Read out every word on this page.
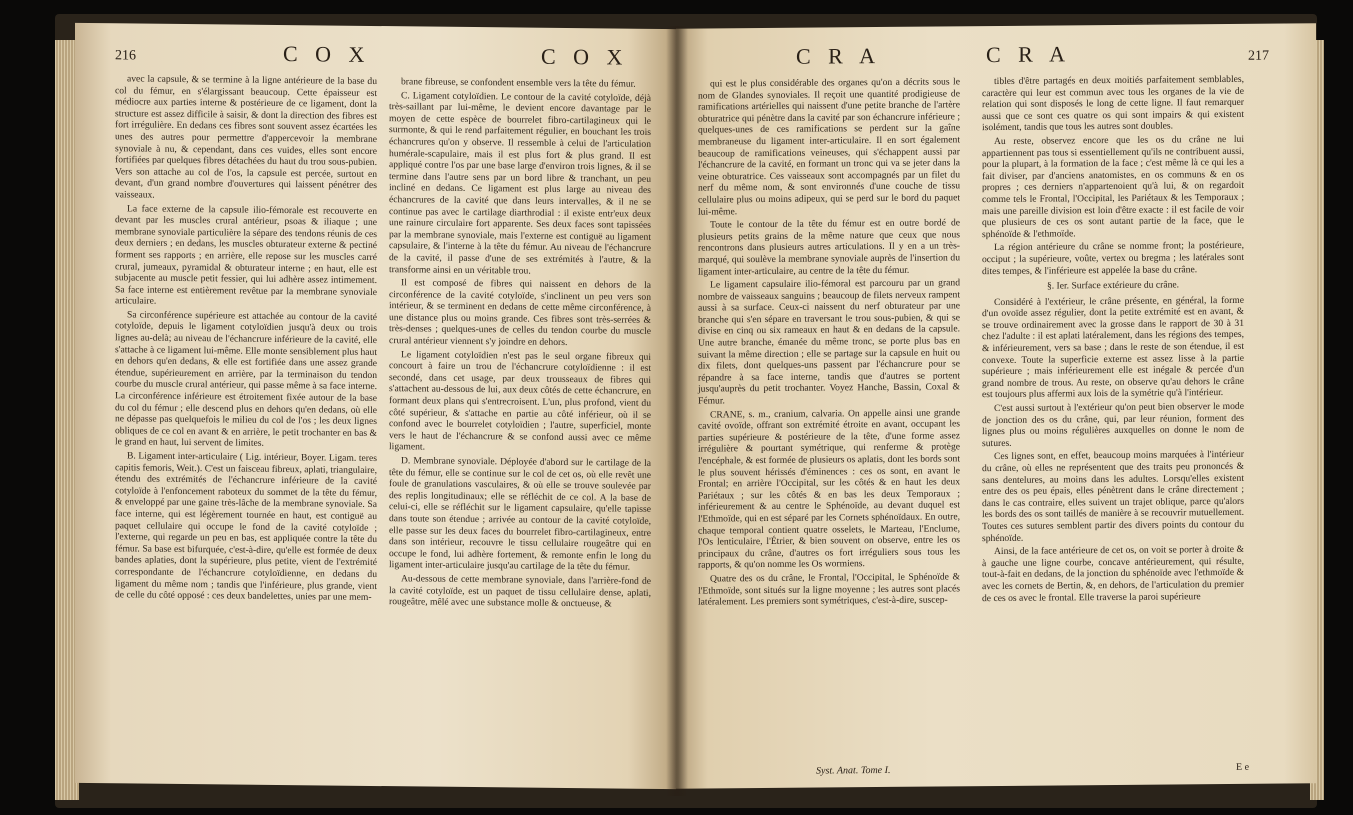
216	C O X	C O X

avec la capsule, & se termine à la ligne antérieure de la base du col du fémur, en s'élargissant beaucoup. Cette épaisseur est médiocre aux parties interne & postérieure de ce ligament, dont la structure est assez difficile à saisir, & dont la direction des fibres est fort irrégulière. En dedans ces fibres sont souvent assez écartées les unes des autres pour permettre d'appercevoir la membrane synoviale à nu, & cependant, dans ces vuides, elles sont encore fortifiées par quelques fibres détachées du haut du trou sous-pubien. Vers son attache au col de l'os, la capsule est percée, surtout en devant, d'un grand nombre d'ouvertures qui laissent pénétrer des vaisseaux.

La face externe de la capsule ilio-fémorale est recouverte en devant par les muscles crural antérieur, psoas & iliaque ; une membrane synoviale particulière la sépare des tendons réunis de ces deux derniers ; en dedans, les muscles obturateur externe & pectiné forment ses rapports ; en arrière, elle repose sur les muscles carré crural, jumeaux, pyramidal & obturateur interne ; en haut, elle est subjacente au muscle petit fessier, qui lui adhère assez intimement. Sa face interne est entièrement revêtue par la membrane synoviale articulaire.

Sa circonférence supérieure est attachée au contour de la cavité cotyloïde, depuis le ligament cotyloïdien jusqu'à deux ou trois lignes au-delà; au niveau de l'échancrure inférieure de la cavité, elle s'attache à ce ligament lui-même. Elle monte sensiblement plus haut en dehors qu'en dedans, & elle est fortifiée dans une assez grande étendue, supérieurement en arrière, par la terminaison du tendon courbe du muscle crural antérieur, qui passe même à sa face interne. La circonférence inférieure est étroitement fixée autour de la base du col du fémur ; elle descend plus en dehors qu'en dedans, où elle ne dépasse pas quelquefois le milieu du col de l'os ; les deux lignes obliques de ce col en avant & en arrière, le petit trochanter en bas & le grand en haut, lui servent de limites.

B. Ligament inter-articulaire ( Lig. intérieur, Boyer. Ligam. teres capitis femoris, Weit.). C'est un faisceau fibreux, aplati, triangulaire, étendu des extrémités de l'échancrure inférieure de la cavité cotyloïde à l'enfoncement raboteux du sommet de la tête du fémur, & enveloppé par une gaine très-lâche de la membrane synoviale. Sa face interne, qui est légèrement tournée en haut, est contiguë au paquet cellulaire qui occupe le fond de la cavité cotyloïde ; l'externe, qui regarde un peu en bas, est appliquée contre la tête du fémur. Sa base est bifurquée, c'est-à-dire, qu'elle est formée de deux bandes aplaties, dont la supérieure, plus petite, vient de l'extrémité correspondante de l'échancrure cotyloïdienne, en dedans du ligament du même nom ; tandis que l'inférieure, plus grande, vient de celle du côté opposé : ces deux bandelettes, unies par une mem-

brane fibreuse, se confondent ensemble vers la tête du fémur.

C. Ligament cotyloïdien. Le contour de la cavité cotyloïde, déjà très-saillant par lui-même, le devient encore davantage par le moyen de cette espèce de bourrelet fibro-cartilagineux qui le surmonte, & qui le rend parfaitement régulier, en bouchant les trois échancrures qu'on y observe. Il ressemble à celui de l'articulation humérale-scapulaire, mais il est plus fort & plus grand. Il est appliqué contre l'os par une base large d'environ trois lignes, & il se termine dans l'autre sens par un bord libre & tranchant, un peu incliné en dedans. Ce ligament est plus large au niveau des échancrures de la cavité que dans leurs intervalles, & il ne se continue pas avec le cartilage diarthrodial : il existe entr'eux deux une rainure circulaire fort apparente. Ses deux faces sont tapissées par la membrane synoviale, mais l'externe est contiguë au ligament capsulaire, & l'interne à la tête du fémur. Au niveau de l'échancrure de la cavité, il passe d'une de ses extrémités à l'autre, & la transforme ainsi en un véritable trou.

Il est composé de fibres qui naissent en dehors de la circonférence de la cavité cotyloïde, s'inclinent un peu vers son intérieur, & se terminent en dedans de cette même circonférence, à une distance plus ou moins grande. Ces fibres sont très-serrées & très-denses ; quelques-unes de celles du tendon courbe du muscle crural antérieur viennent s'y joindre en dehors.

Le ligament cotyloïdien n'est pas le seul organe fibreux qui concourt à faire un trou de l'échancrure cotyloïdienne : il est secondé, dans cet usage, par deux trousseaux de fibres qui s'attachent au-dessous de lui, aux deux côtés de cette échancrure, en formant deux plans qui s'entrecroisent. L'un, plus profond, vient du côté supérieur, & s'attache en partie au côté inférieur, où il se confond avec le bourrelet cotyloïdien ; l'autre, superficiel, monte vers le haut de l'échancrure & se confond aussi avec ce même ligament.

D. Membrane synoviale. Déployée d'abord sur le cartilage de la tête du fémur, elle se continue sur le col de cet os, où elle revêt une foule de granulations vasculaires, & où elle se trouve soulevée par des replis longitudinaux; elle se réfléchit de ce col. A la base de celui-ci, elle se réfléchit sur le ligament capsulaire, qu'elle tapisse dans toute son étendue ; arrivée au contour de la cavité cotyloïde, elle passe sur les deux faces du bourrelet fibro-cartilagineux, entre dans son intérieur, recouvre le tissu cellulaire rougeâtre qui en occupe le fond, lui adhère fortement, & remonte enfin le long du ligament inter-articulaire jusqu'au cartilage de la tête du fémur.

Au-dessous de cette membrane synoviale, dans l'arrière-fond de la cavité cotyloïde, est un paquet de tissu cellulaire dense, aplati, rougeâtre, mêlé avec une substance molle & onctueuse, &

C R A	C R A	217

qui est le plus considérable des organes qu'on a décrits sous le nom de Glandes synoviales. Il reçoit une quantité prodigieuse de ramifications artérielles qui naissent d'une petite branche de l'artère obturatrice qui pénètre dans la cavité par son échancrure inférieure ; quelques-unes de ces ramifications se perdent sur la gaîne membraneuse du ligament inter-articulaire. Il en sort également beaucoup de ramifications veineuses, qui s'échappent aussi par l'échancrure de la cavité, en formant un tronc qui va se jeter dans la veine obturatrice. Ces vaisseaux sont accompagnés par un filet du nerf du même nom, & sont environnés d'une couche de tissu cellulaire plus ou moins adipeux, qui se perd sur le bord du paquet lui-même.

Toute le contour de la tête du fémur est en outre bordé de plusieurs petits grains de la même nature que ceux que nous rencontrons dans plusieurs autres articulations. Il y en a un très-marqué, qui soulève la membrane synoviale auprès de l'insertion du ligament inter-articulaire, au centre de la tête du fémur.

Le ligament capsulaire ilio-fémoral est parcouru par un grand nombre de vaisseaux sanguins ; beaucoup de filets nerveux rampent aussi à sa surface. Ceux-ci naissent du nerf obturateur par une branche qui s'en sépare en traversant le trou sous-pubien, & qui se divise en cinq ou six rameaux en haut & en dedans de la capsule. Une autre branche, émanée du même tronc, se porte plus bas en suivant la même direction ; elle se partage sur la capsule en huit ou dix filets, dont quelques-uns passent par l'échancrure pour se répandre à sa face interne, tandis que d'autres se portent jusqu'auprès du petit trochanter. Voyez Hanche, Bassin, Coxal & Fémur.

CRANE, s. m., cranium, calvaria. On appelle ainsi une grande cavité ovoïde, offrant son extrémité étroite en avant, occupant les parties supérieure & postérieure de la tête, d'une forme assez irrégulière & pourtant symétrique, qui renferme & protège l'encéphale, & est formée de plusieurs os aplatis, dont les bords sont le plus souvent hérissés d'éminences : ces os sont, en avant le Frontal; en arrière l'Occipital, sur les côtés & en haut les deux Pariétaux ; sur les côtés & en bas les deux Temporaux ; inférieurement & au centre le Sphénoïde, au devant duquel est l'Ethmoïde, qui en est séparé par les Cornets sphénoïdaux. En outre, chaque temporal contient quatre osselets, le Marteau, l'Enclume, l'Os lenticulaire, l'Étrier, & bien souvent on observe, entre les os principaux du crâne, d'autres os fort irréguliers sous tous les rapports, & qu'on nomme les Os wormiens.

Quatre des os du crâne, le Frontal, l'Occipital, le Sphénoïde & l'Ethmoïde, sont situés sur la ligne moyenne ; les autres sont placés latéralement. Les premiers sont symétriques, c'est-à-dire, suscep-

tibles d'être partagés en deux moitiés parfaitement semblables, caractère qui leur est commun avec tous les organes de la vie de relation qui sont disposés le long de cette ligne. Il faut remarquer aussi que ce sont ces quatre os qui sont impairs & qui existent isolément, tandis que tous les autres sont doubles.

Au reste, observez encore que les os du crâne ne lui appartiennent pas tous si essentiellement qu'ils ne contribuent aussi, pour la plupart, à la formation de la face ; c'est même là ce qui les a fait diviser, par d'anciens anatomistes, en os communs & en os propres ; ces derniers n'appartenoient qu'à lui, & on regardoit comme tels le Frontal, l'Occipital, les Pariétaux & les Temporaux ; mais une pareille division est loin d'être exacte : il est facile de voir que plusieurs de ces os sont autant partie de la face, que le sphénoïde & l'ethmoïde.

La région antérieure du crâne se nomme front; la postérieure, occiput ; la supérieure, voûte, vertex ou bregma ; les latérales sont dites tempes, & l'inférieure est appelée la base du crâne.

§. Ier. Surface extérieure du crâne.

Considéré à l'extérieur, le crâne présente, en général, la forme d'un ovoïde assez régulier, dont la petite extrémité est en avant, & se trouve ordinairement avec la grosse dans le rapport de 30 à 31 chez l'adulte : il est aplati latéralement, dans les régions des tempes, & inférieurement, vers sa base ; dans le reste de son étendue, il est convexe. Toute la superficie externe est assez lisse à la partie supérieure ; mais inférieurement elle est inégale & percée d'un grand nombre de trous. Au reste, on observe qu'au dehors le crâne est toujours plus affermi aux lois de la symétrie qu'à l'intérieur.

C'est aussi surtout à l'extérieur qu'on peut bien observer le mode de jonction des os du crâne, qui, par leur réunion, forment des lignes plus ou moins régulières auxquelles on donne le nom de sutures.

Ces lignes sont, en effet, beaucoup moins marquées à l'intérieur du crâne, où elles ne représentent que des traits peu prononcés & sans dentelures, au moins dans les adultes. Lorsqu'elles existent entre des os peu épais, elles pénètrent dans le crâne directement ; dans le cas contraire, elles suivent un trajet oblique, parce qu'alors les bords des os sont taillés de manière à se recouvrir mutuellement. Toutes ces sutures semblent partir des divers points du contour du sphénoïde.

Ainsi, de la face antérieure de cet os, on voit se porter à droite & à gauche une ligne courbe, concave antérieurement, qui résulte, tout-à-fait en dedans, de la jonction du sphénoïde avec l'ethmoïde & avec les cornets de Bertin, &, en dehors, de l'articulation du premier de ces os avec le frontal. Elle traverse la paroi supérieure

Syst. Anat. Tome I.	E e
